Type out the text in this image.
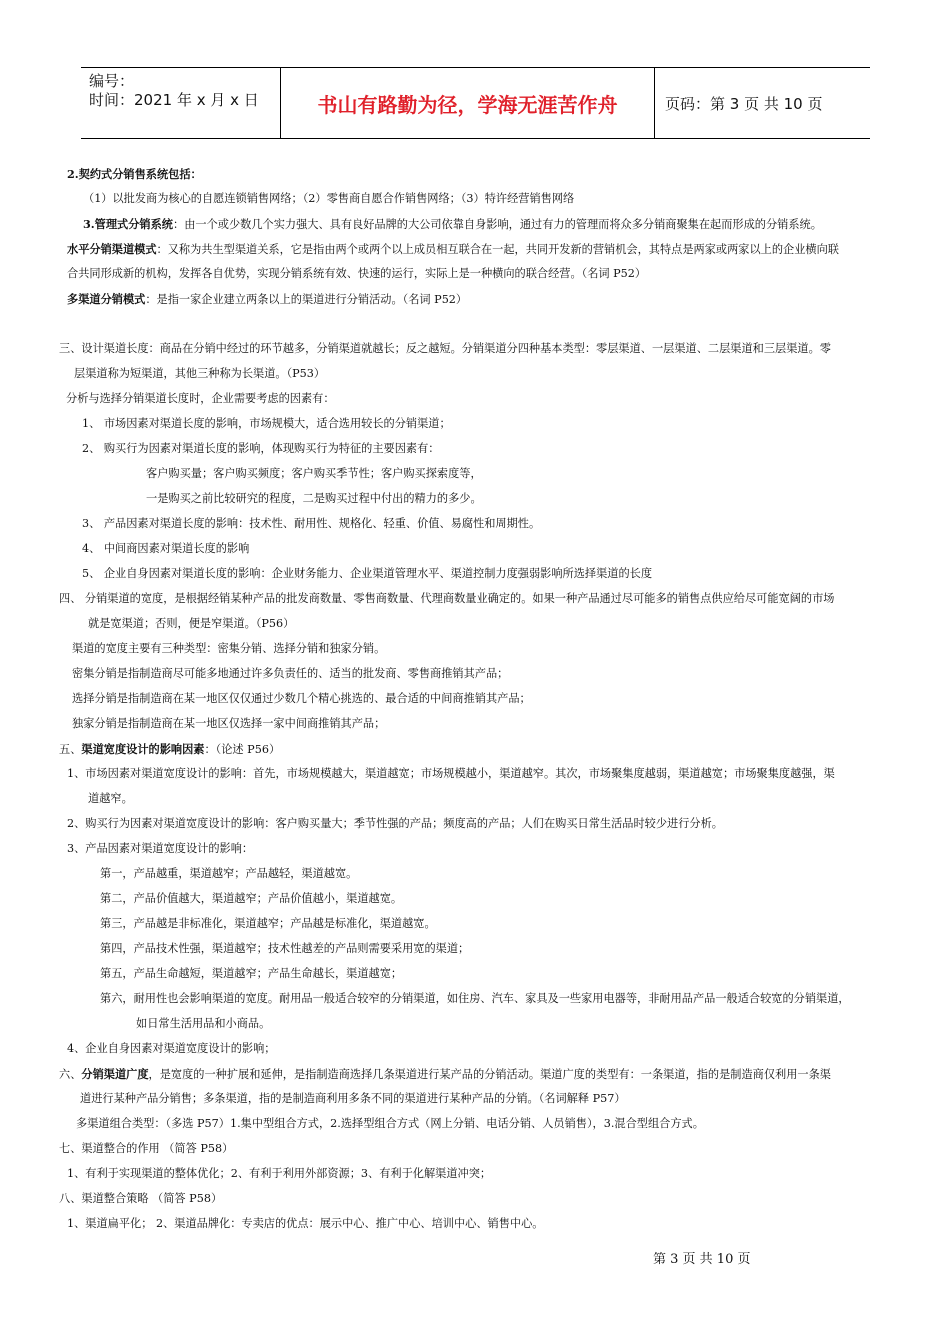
编号：
时间：2021 年 x 月 x 日	书山有路勤为径，学海无涯苦作舟	页码：第 3 页 共 10 页
2.契约式分销售系统包括：
（1）以批发商为核心的自愿连锁销售网络；（2）零售商自愿合作销售网络；（3）特许经营销售网络
3.管理式分销系统：由一个或少数几个实力强大、具有良好品牌的大公司依靠自身影响，通过有力的管理而将众多分销商聚集在起而形成的分销系统。
水平分销渠道模式：又称为共生型渠道关系，它是指由两个或两个以上成员相互联合在一起，共同开发新的营销机会，其特点是两家或两家以上的企业横向联
合共同形成新的机构，发挥各自优势，实现分销系统有效、快速的运行，实际上是一种横向的联合经营。（名词 P52）
多渠道分销模式：是指一家企业建立两条以上的渠道进行分销活动。（名词 P52）
三、设计渠道长度：商品在分销中经过的环节越多，分销渠道就越长；反之越短。分销渠道分四种基本类型：零层渠道、一层渠道、二层渠道和三层渠道。零
层渠道称为短渠道，其他三种称为长渠道。（P53）
分析与选择分销渠道长度时，企业需要考虑的因素有：
1、 市场因素对渠道长度的影响，市场规模大，适合选用较长的分销渠道；
2、 购买行为因素对渠道长度的影响，体现购买行为特征的主要因素有：
客户购买量；客户购买频度；客户购买季节性；客户购买探索度等，
一是购买之前比较研究的程度，二是购买过程中付出的精力的多少。
3、 产品因素对渠道长度的影响：技术性、耐用性、规格化、轻重、价值、易腐性和周期性。
4、 中间商因素对渠道长度的影响
5、 企业自身因素对渠道长度的影响：企业财务能力、企业渠道管理水平、渠道控制力度强弱影响所选择渠道的长度
四、 分销渠道的宽度，是根据经销某种产品的批发商数量、零售商数量、代理商数量业确定的。如果一种产品通过尽可能多的销售点供应给尽可能宽阔的市场
就是宽渠道；否则，便是窄渠道。（P56）
渠道的宽度主要有三种类型：密集分销、选择分销和独家分销。
密集分销是指制造商尽可能多地通过许多负责任的、适当的批发商、零售商推销其产品；
选择分销是指制造商在某一地区仅仅通过少数几个精心挑选的、最合适的中间商推销其产品；
独家分销是指制造商在某一地区仅选择一家中间商推销其产品；
五、渠道宽度设计的影响因素：（论述 P56）
1、市场因素对渠道宽度设计的影响：首先，市场规模越大，渠道越宽；市场规模越小，渠道越窄。其次，市场聚集度越弱，渠道越宽；市场聚集度越强，渠
道越窄。
2、购买行为因素对渠道宽度设计的影响：客户购买量大；季节性强的产品；频度高的产品；人们在购买日常生活品时较少进行分析。
3、产品因素对渠道宽度设计的影响：
第一，产品越重，渠道越窄；产品越轻，渠道越宽。
第二，产品价值越大，渠道越窄；产品价值越小，渠道越宽。
第三，产品越是非标准化，渠道越窄；产品越是标准化，渠道越宽。
第四，产品技术性强，渠道越窄；技术性越差的产品则需要采用宽的渠道；
第五，产品生命越短，渠道越窄；产品生命越长，渠道越宽；
第六，耐用性也会影响渠道的宽度。耐用品一般适合较窄的分销渠道，如住房、汽车、家具及一些家用电器等，非耐用品产品一般适合较宽的分销渠道，
如日常生活用品和小商品。
4、企业自身因素对渠道宽度设计的影响；
六、分销渠道广度，是宽度的一种扩展和延伸，是指制造商选择几条渠道进行某产品的分销活动。渠道广度的类型有：一条渠道，指的是制造商仅利用一条渠
道进行某种产品分销售；多条渠道，指的是制造商利用多条不同的渠道进行某种产品的分销。（名词解释 P57）
多渠道组合类型：（多选 P57）1.集中型组合方式，2.选择型组合方式（网上分销、电话分销、人员销售），3.混合型组合方式。
七、渠道整合的作用 （简答 P58）
1、有利于实现渠道的整体优化；2、有利于利用外部资源；3、有利于化解渠道冲突；
八、渠道整合策略 （简答 P58）
1、渠道扁平化； 2、渠道品牌化：专卖店的优点：展示中心、推广中心、培训中心、销售中心。
第 3 页 共 10 页
